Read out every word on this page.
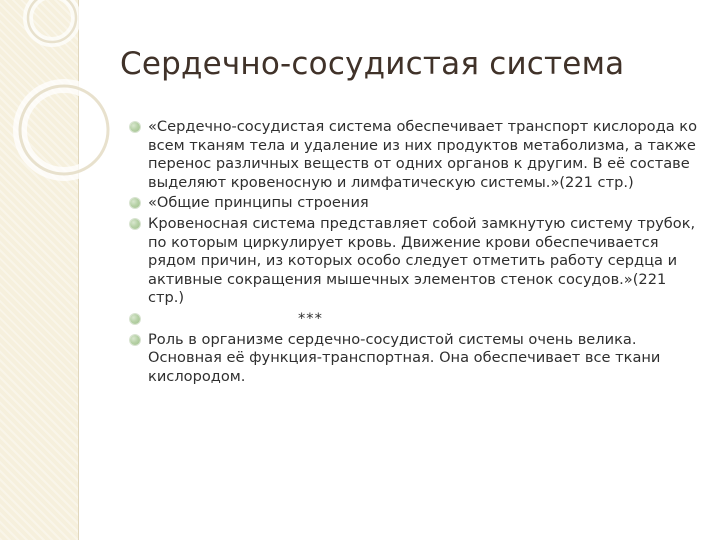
Сердечно-сосудистая система
«Сердечно-сосудистая система обеспечивает транспорт кислорода ко всем тканям тела и удаление из них продуктов метаболизма, а также перенос различных веществ от одних органов к другим. В её составе выделяют кровеносную и лимфатическую системы.»(221 стр.)
«Общие принципы строения
Кровеносная система представляет собой замкнутую систему трубок, по которым циркулирует кровь. Движение крови обеспечивается рядом причин, из которых особо следует отметить работу сердца и активные сокращения мышечных элементов стенок сосудов.»(221 стр.)
***
Роль в организме сердечно-сосудистой системы очень велика. Основная её функция-транспортная. Она обеспечивает все ткани кислородом.
